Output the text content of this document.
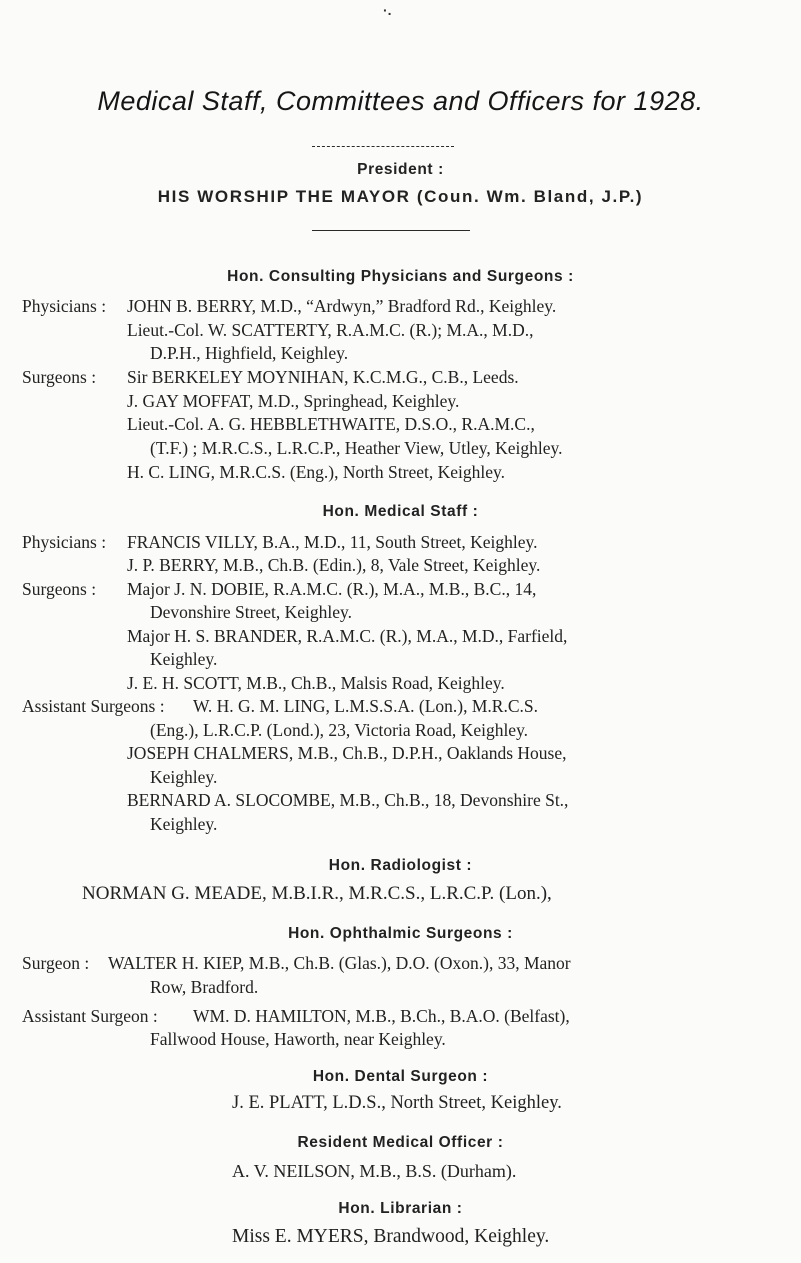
·.
Medical Staff, Committees and Officers for 1928.
President :
HIS WORSHIP THE MAYOR (Coun. Wm. Bland, J.P.)
Hon. Consulting Physicians and Surgeons :
Physicians : JOHN B. BERRY, M.D., “Ardwyn,” Bradford Rd., Keighley.
Lieut.-Col. W. SCATTERTY, R.A.M.C. (R.); M.A., M.D.,
D.P.H., Highfield, Keighley.
Surgeons : Sir BERKELEY MOYNIHAN, K.C.M.G., C.B., Leeds.
J. GAY MOFFAT, M.D., Springhead, Keighley.
Lieut.-Col. A. G. HEBBLETHWAITE, D.S.O., R.A.M.C.,
(T.F.) ; M.R.C.S., L.R.C.P., Heather View, Utley, Keighley.
H. C. LING, M.R.C.S. (Eng.), North Street, Keighley.
Hon. Medical Staff :
Physicians : FRANCIS VILLY, B.A., M.D., 11, South Street, Keighley.
J. P. BERRY, M.B., Ch.B. (Edin.), 8, Vale Street, Keighley.
Surgeons : Major J. N. DOBIE, R.A.M.C. (R.), M.A., M.B., B.C., 14,
Devonshire Street, Keighley.
Major H. S. BRANDER, R.A.M.C. (R.), M.A., M.D., Farfield,
Keighley.
J. E. H. SCOTT, M.B., Ch.B., Malsis Road, Keighley.
Assistant Surgeons : W. H. G. M. LING, L.M.S.S.A. (Lon.), M.R.C.S.
(Eng.), L.R.C.P. (Lond.), 23, Victoria Road, Keighley.
JOSEPH CHALMERS, M.B., Ch.B., D.P.H., Oaklands House,
Keighley.
BERNARD A. SLOCOMBE, M.B., Ch.B., 18, Devonshire St.,
Keighley.
Hon. Radiologist :
NORMAN G. MEADE, M.B.I.R., M.R.C.S., L.R.C.P. (Lon.),
Hon. Ophthalmic Surgeons :
Surgeon : WALTER H. KIEP, M.B., Ch.B. (Glas.), D.O. (Oxon.), 33, Manor
Row, Bradford.
Assistant Surgeon : WM. D. HAMILTON, M.B., B.Ch., B.A.O. (Belfast),
Fallwood House, Haworth, near Keighley.
Hon. Dental Surgeon :
J. E. PLATT, L.D.S., North Street, Keighley.
Resident Medical Officer :
A. V. NEILSON, M.B., B.S. (Durham).
Hon. Librarian :
Miss E. MYERS, Brandwood, Keighley.
